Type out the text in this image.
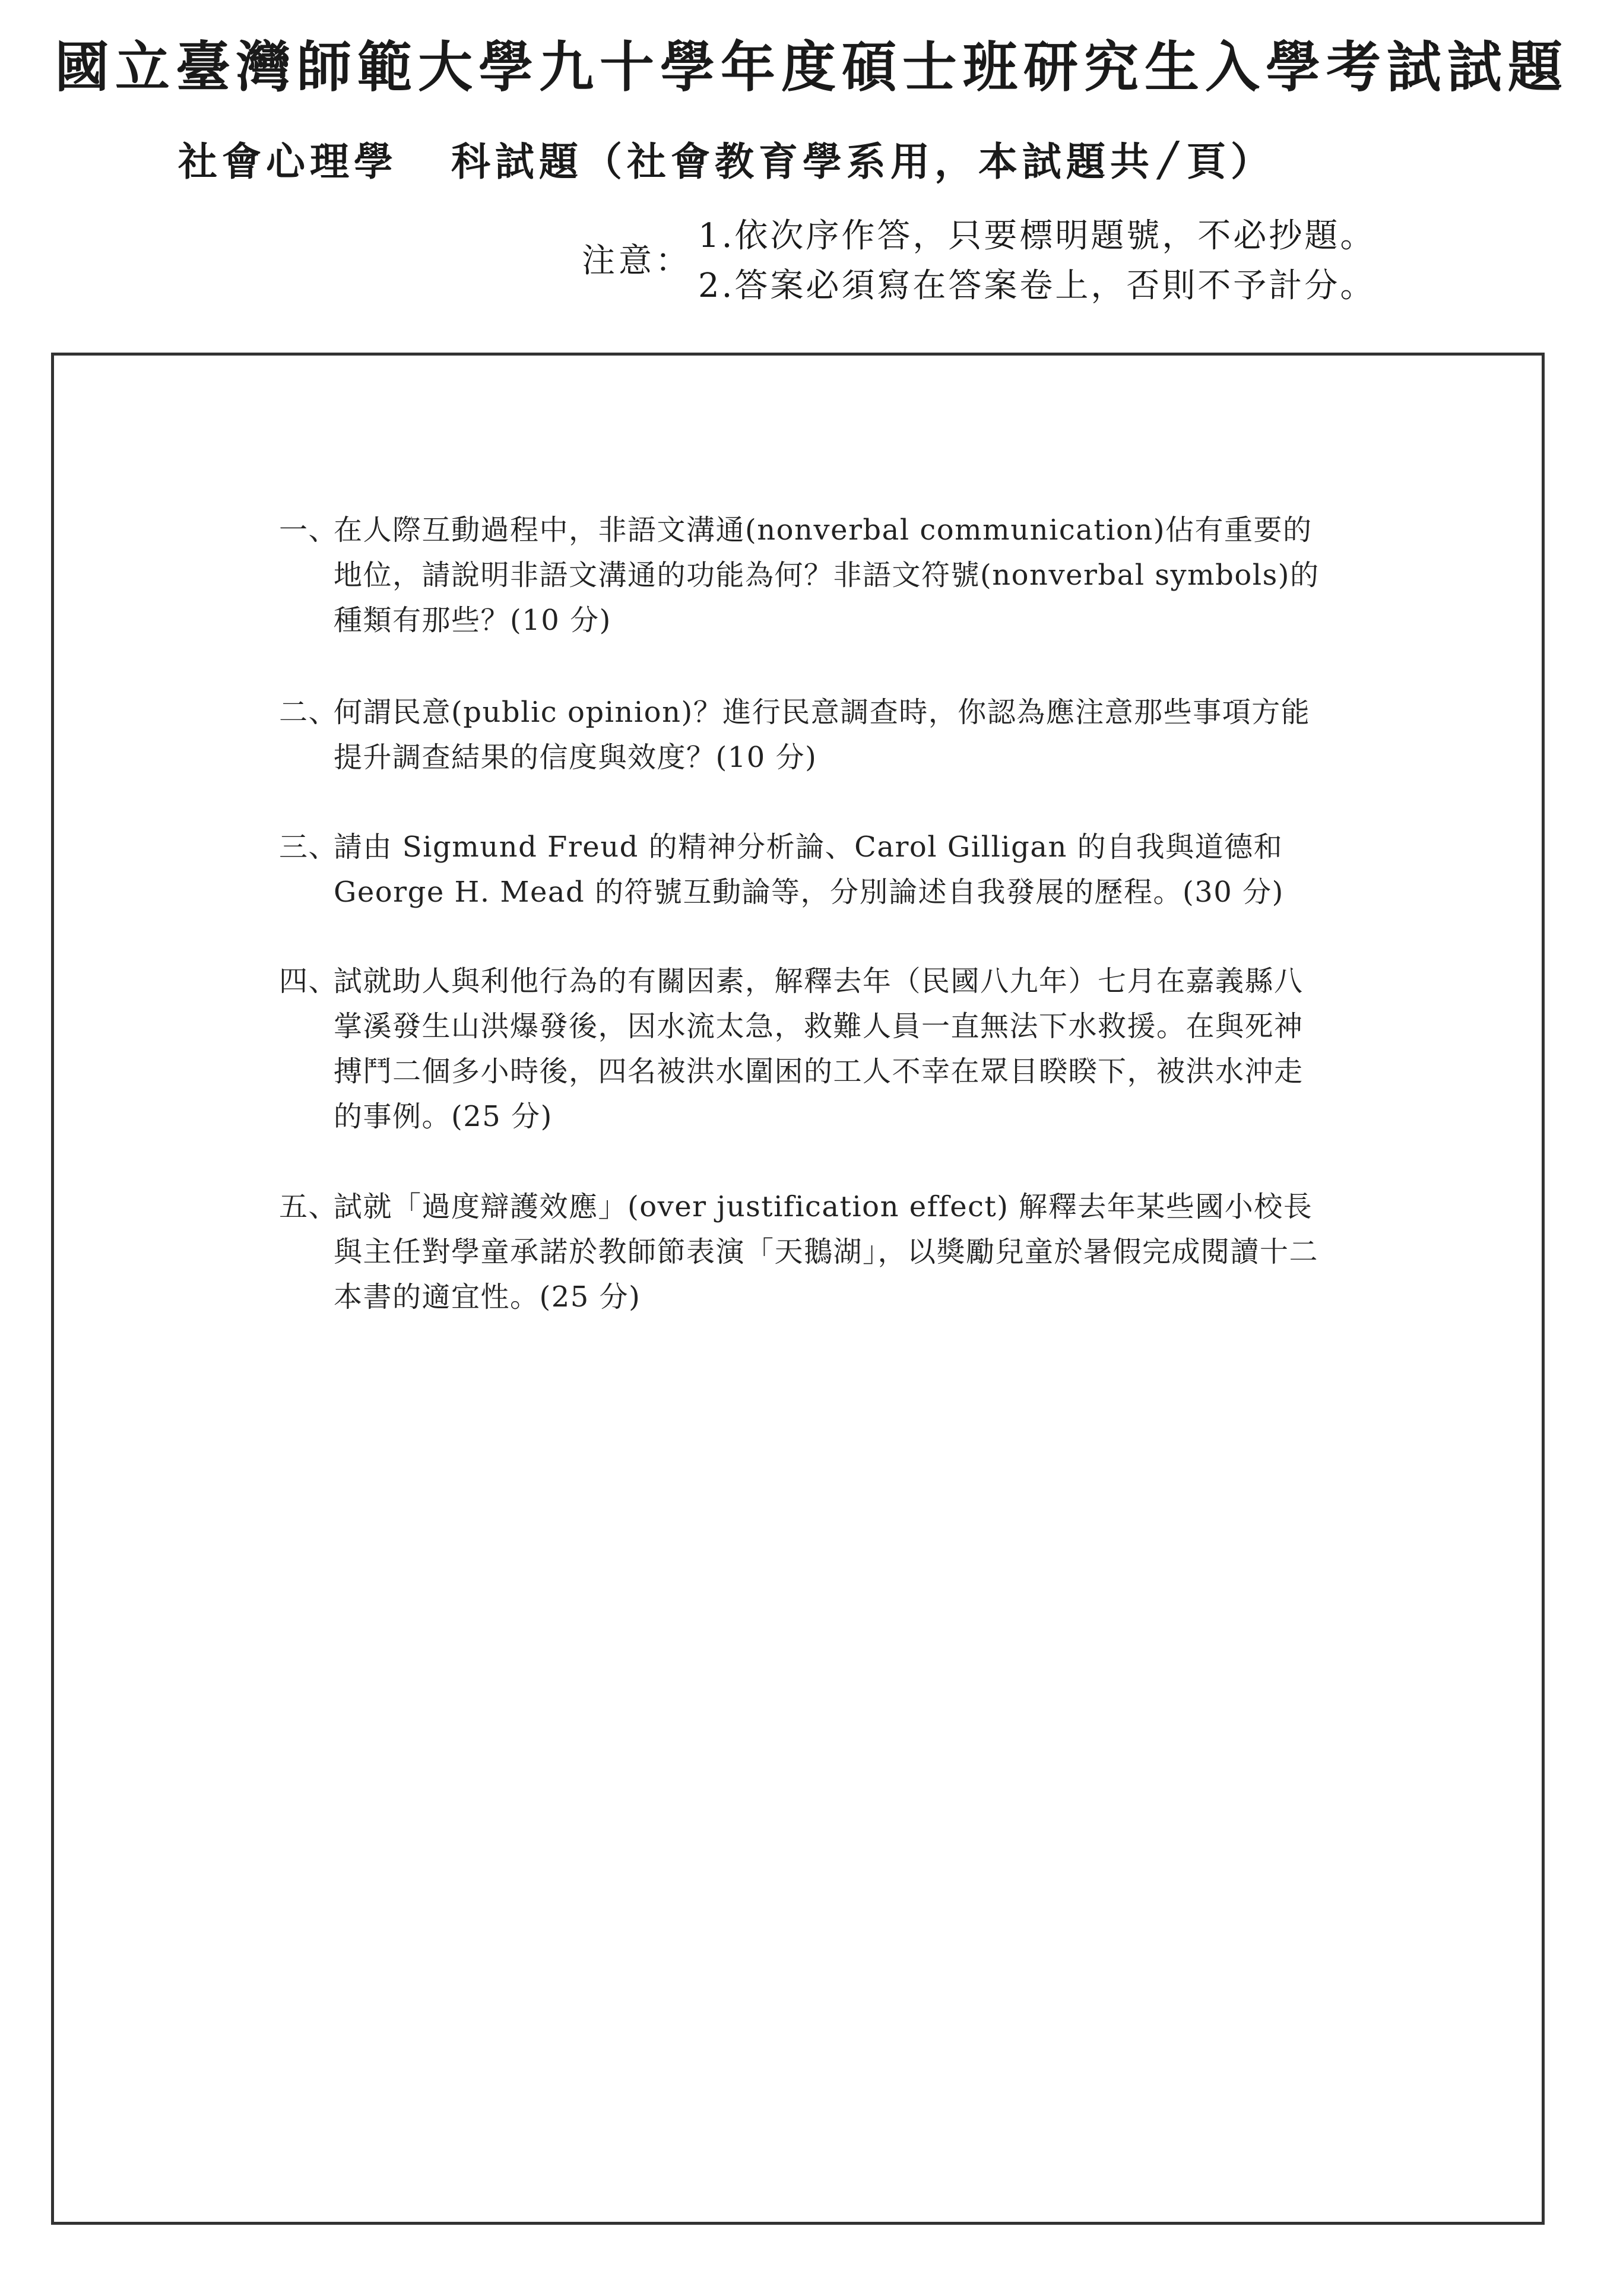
國立臺灣師範大學九十學年度碩士班研究生入學考試試題
社會心理學 科試題（社會教育學系用，本試題共 / 頁）
注意：
1.依次序作答，只要標明題號，不必抄題。
2.答案必須寫在答案卷上，否則不予計分。
一、
在人際互動過程中，非語文溝通(nonverbal communication)佔有重要的地位，請說明非語文溝通的功能為何？非語文符號(nonverbal symbols)的種類有那些？(10 分)
二、
何謂民意(public opinion)？進行民意調查時，你認為應注意那些事項方能提升調查結果的信度與效度？(10 分)
三、
請由 Sigmund Freud 的精神分析論、Carol Gilligan 的自我與道德和 George H. Mead 的符號互動論等，分別論述自我發展的歷程。(30 分)
四、
試就助人與利他行為的有關因素，解釋去年（民國八九年）七月在嘉義縣八掌溪發生山洪爆發後，因水流太急，救難人員一直無法下水救援。在與死神搏鬥二個多小時後，四名被洪水圍困的工人不幸在眾目睽睽下，被洪水沖走的事例。(25 分)
五、
試就「過度辯護效應」(over justification effect) 解釋去年某些國小校長與主任對學童承諾於教師節表演「天鵝湖」，以獎勵兒童於暑假完成閱讀十二本書的適宜性。(25 分)
